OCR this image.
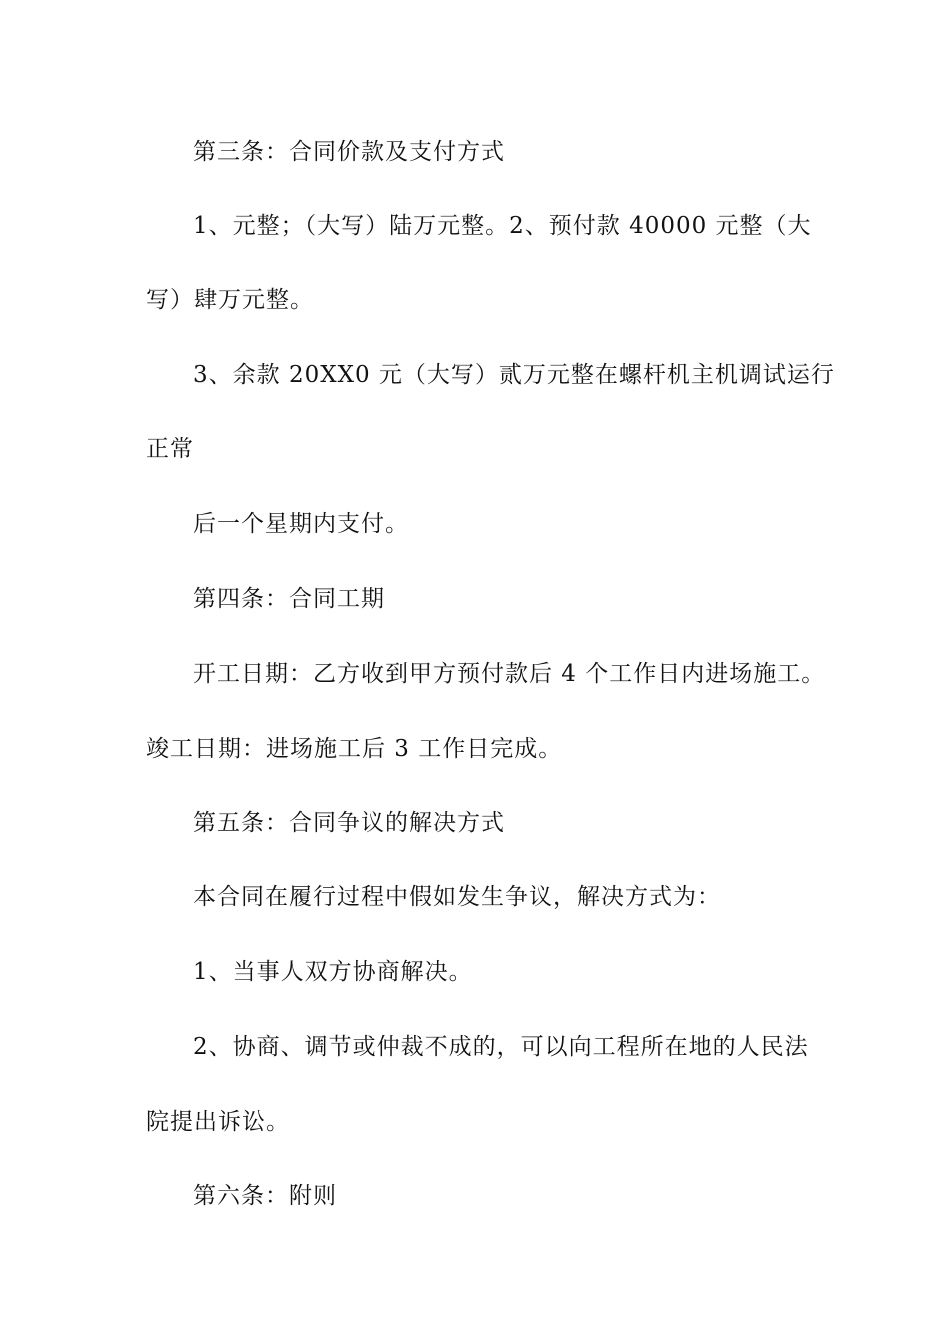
第三条：合同价款及支付方式
1、元整；（大写）陆万元整。2、预付款 40000 元整（大
写）肆万元整。
3、余款 20XX0 元（大写）贰万元整在螺杆机主机调试运行
正常
后一个星期内支付。
第四条：合同工期
开工日期：乙方收到甲方预付款后 4 个工作日内进场施工。
竣工日期：进场施工后 3 工作日完成。
第五条：合同争议的解决方式
本合同在履行过程中假如发生争议，解决方式为：
1、当事人双方协商解决。
2、协商、调节或仲裁不成的，可以向工程所在地的人民法
院提出诉讼。
第六条：附则
